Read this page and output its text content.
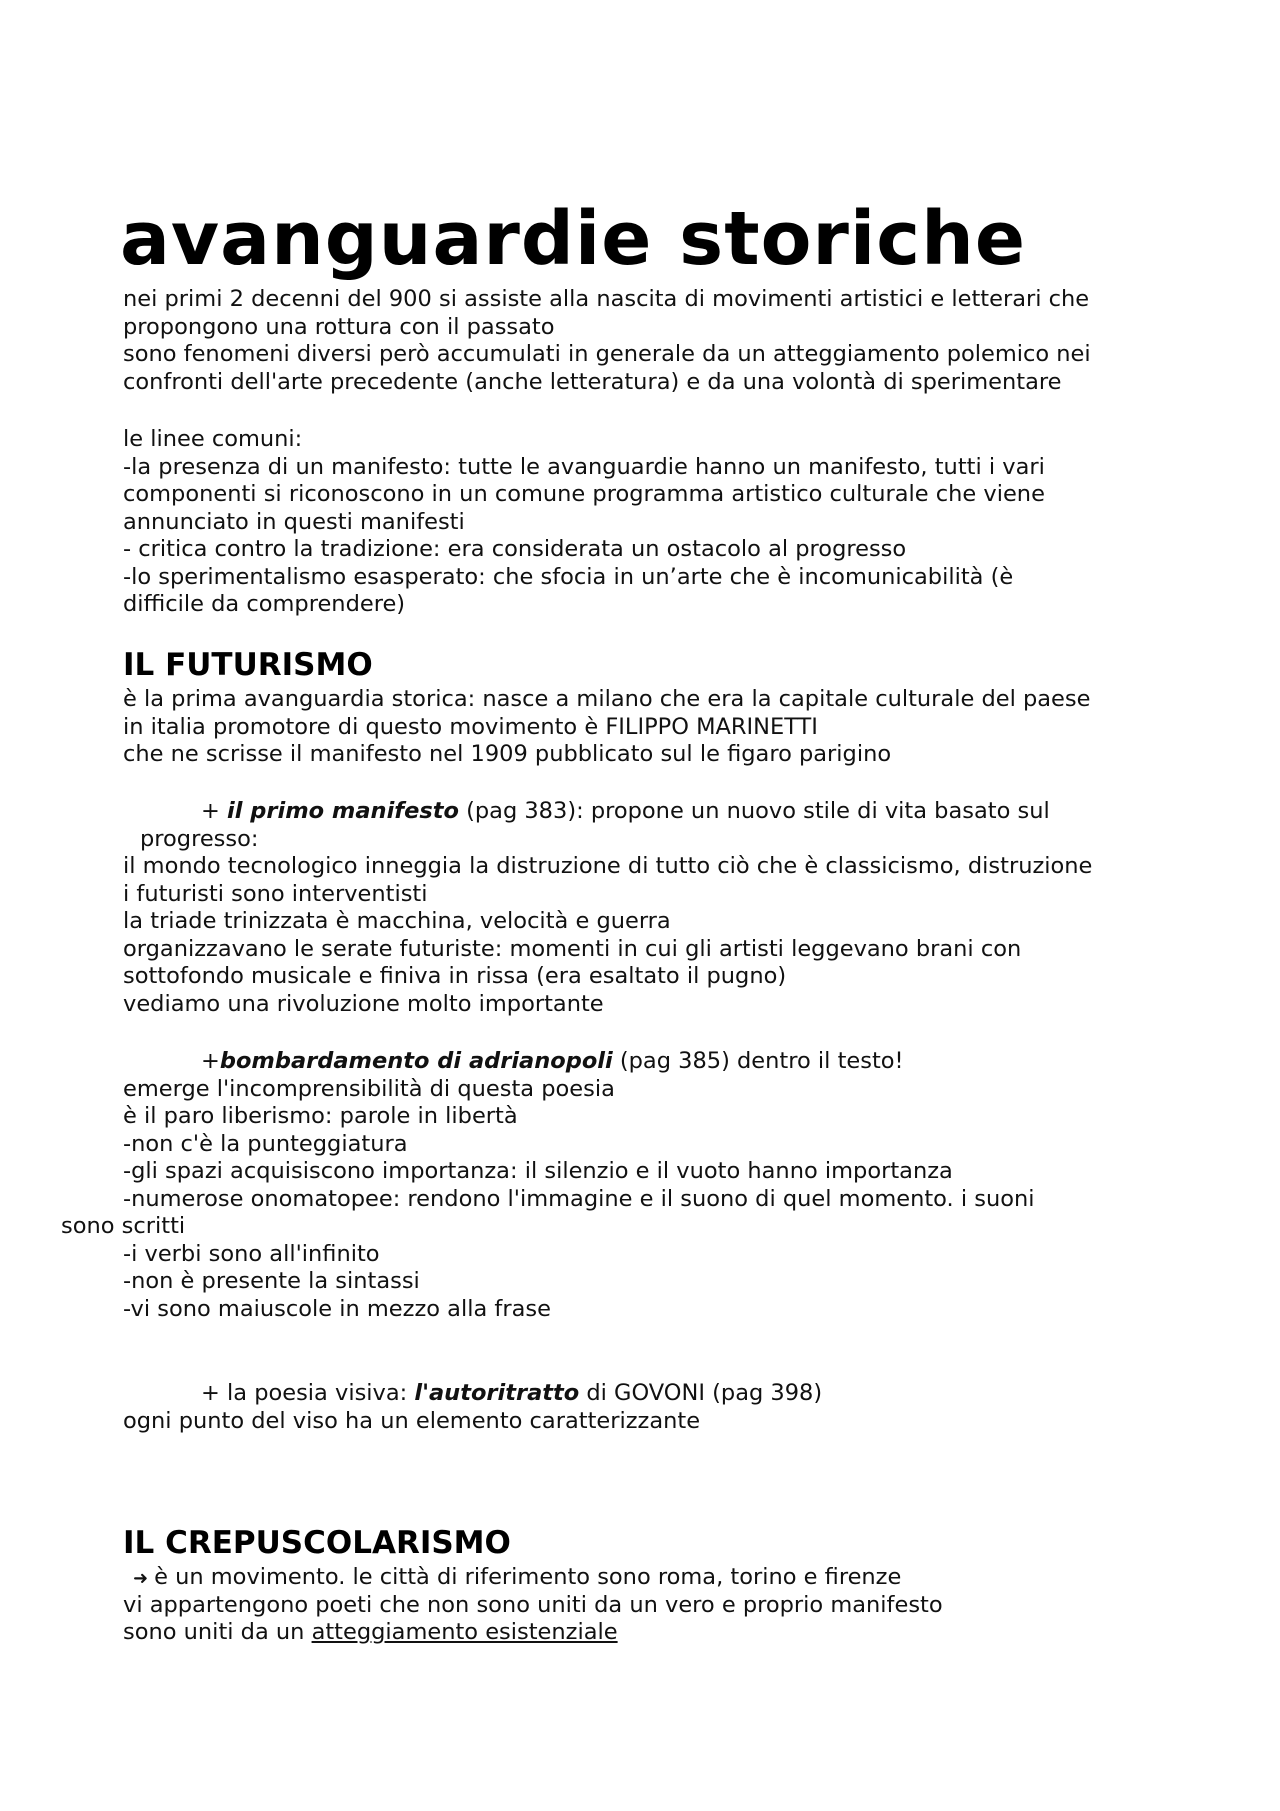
avanguardie storiche
nei primi 2 decenni del 900 si assiste alla nascita di movimenti artistici e letterari che
propongono una rottura con il passato
sono fenomeni diversi però accumulati in generale da un atteggiamento polemico nei
confronti dell'arte precedente (anche letteratura) e da una volontà di sperimentare
le linee comuni:
-la presenza di un manifesto: tutte le avanguardie hanno un manifesto, tutti i vari
componenti si riconoscono in un comune programma artistico culturale che viene
annunciato in questi manifesti
- critica contro la tradizione: era considerata un ostacolo al progresso
-lo sperimentalismo esasperato: che sfocia in un’arte che è incomunicabilità (è
difficile da comprendere)
IL FUTURISMO
è la prima avanguardia storica: nasce a milano che era la capitale culturale del paese
in italia promotore di questo movimento è FILIPPO MARINETTI
che ne scrisse il manifesto nel 1909 pubblicato sul le figaro parigino
+ il primo manifesto (pag 383): propone un nuovo stile di vita basato sul
progresso:
il mondo tecnologico inneggia la distruzione di tutto ciò che è classicismo, distruzione
i futuristi sono interventisti
la triade trinizzata è macchina, velocità e guerra
organizzavano le serate futuriste: momenti in cui gli artisti leggevano brani con
sottofondo musicale e finiva in rissa (era esaltato il pugno)
vediamo una rivoluzione molto importante
+bombardamento di adrianopoli (pag 385) dentro il testo!
emerge l'incomprensibilità di questa poesia
è il paro liberismo: parole in libertà
-non c'è la punteggiatura
-gli spazi acquisiscono importanza: il silenzio e il vuoto hanno importanza
-numerose onomatopee: rendono l'immagine e il suono di quel momento. i suoni
sono scritti
-i verbi sono all'infinito
-non è presente la sintassi
-vi sono maiuscole in mezzo alla frase
+ la poesia visiva: l'autoritratto di GOVONI (pag 398)
ogni punto del viso ha un elemento caratterizzante
IL CREPUSCOLARISMO
➜ è un movimento. le città di riferimento sono roma, torino e firenze
vi appartengono poeti che non sono uniti da un vero e proprio manifesto
sono uniti da un atteggiamento esistenziale
